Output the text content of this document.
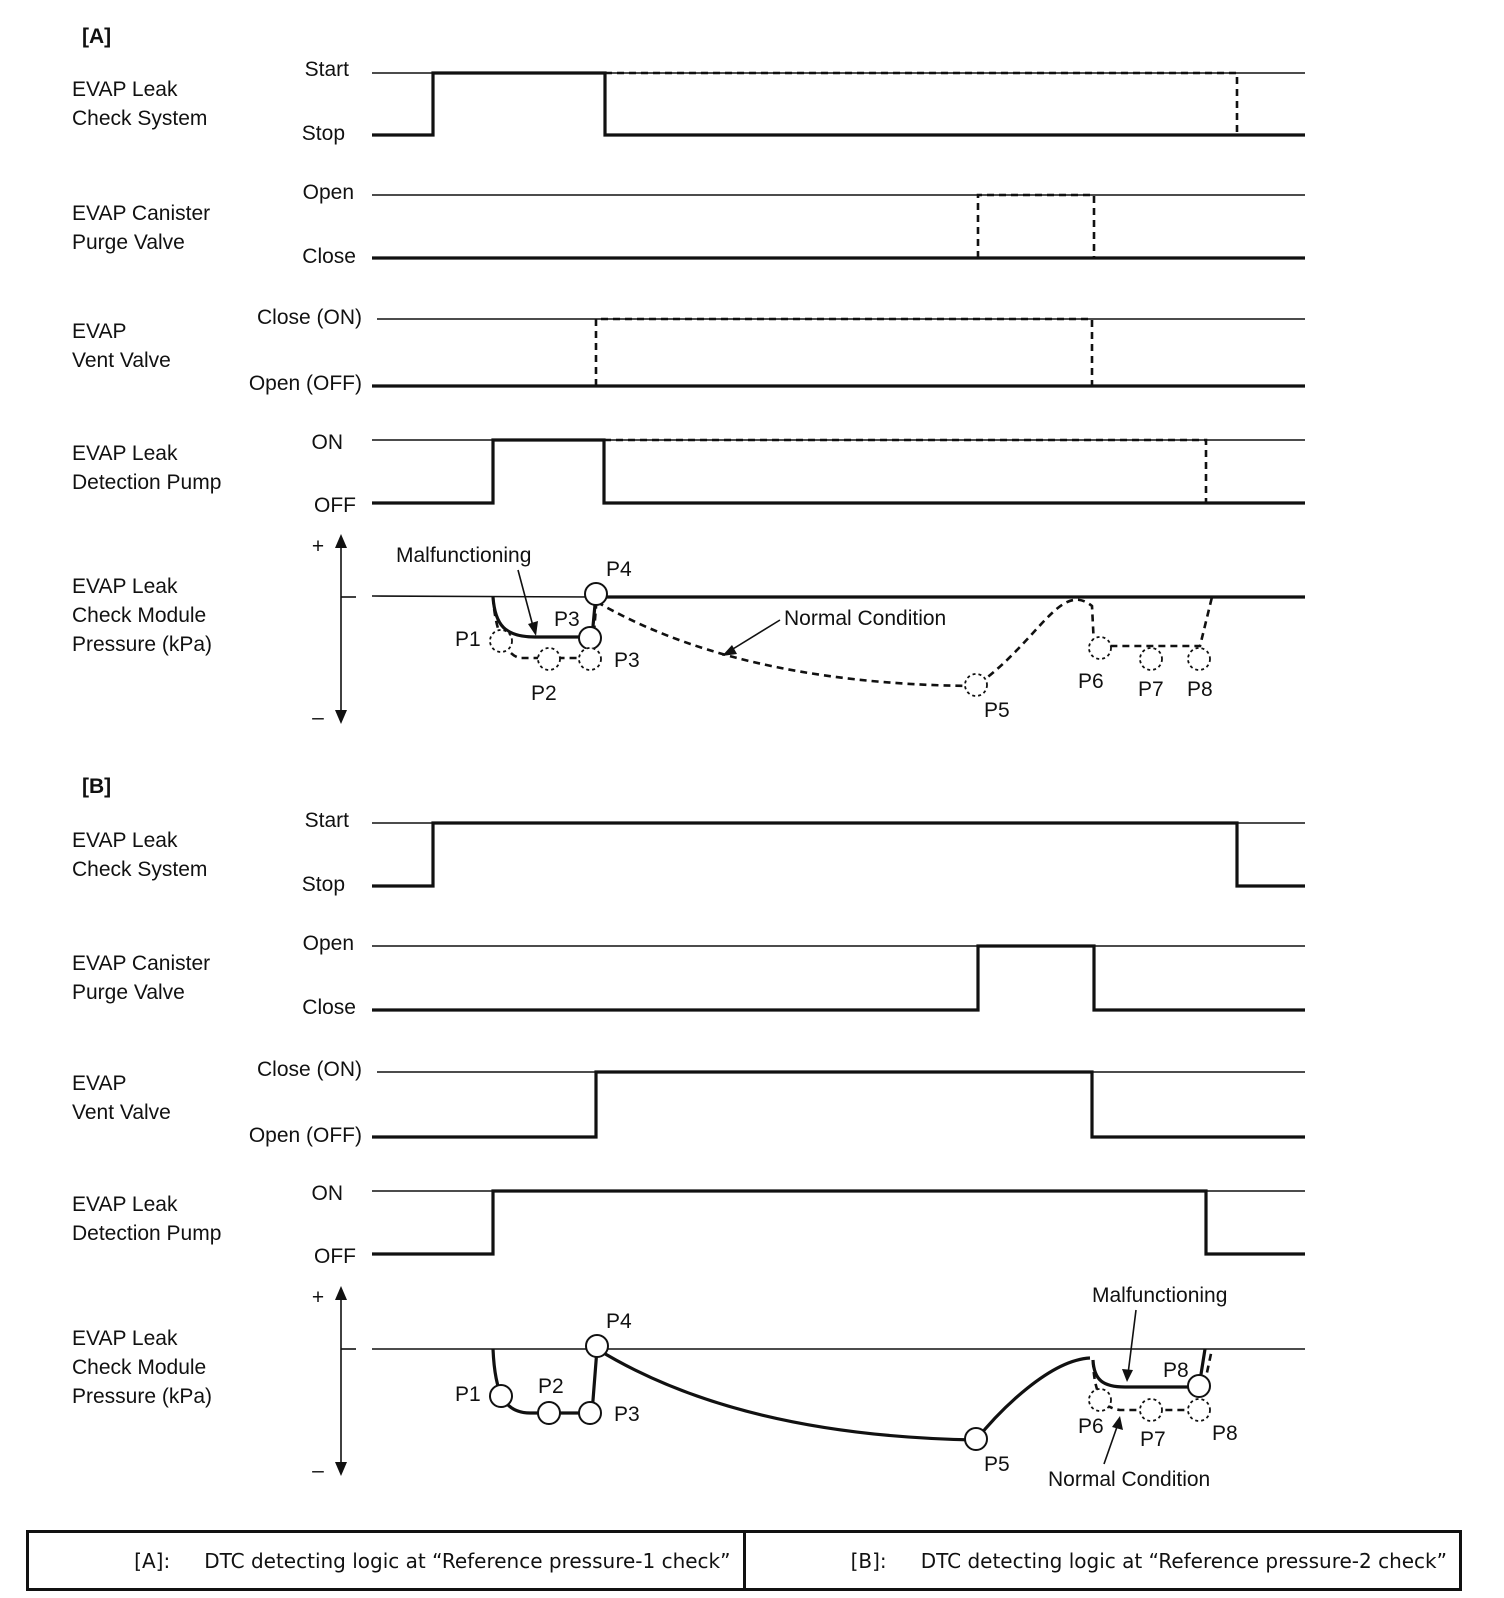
[A]
EVAP Leak
Check System
Start
Stop
EVAP Canister
Purge Valve
Open
Close
EVAP
Vent Valve
Close (ON)
Open (OFF)
EVAP Leak
Detection Pump
ON
OFF
EVAP Leak
Check Module
Pressure (kPa)
+
–
Malfunctioning
Normal Condition
P4
P3
P1
P3
P2
P5
P6 P7 P8
[B]
EVAP Leak
Check System
Start
Stop
EVAP Canister
Purge Valve
Open
Close
EVAP
Vent Valve
Close (ON)
Open (OFF)
EVAP Leak
Detection Pump
ON
OFF
EVAP Leak
Check Module
Pressure (kPa)
+
–
Malfunctioning
Normal Condition
P4
P1	P2
P3
P5
P6
P7
P8
P8
[A]: DTC detecting logic at “Reference pressure-1 check”	[B]: DTC detecting logic at “Reference pressure-2 check”
